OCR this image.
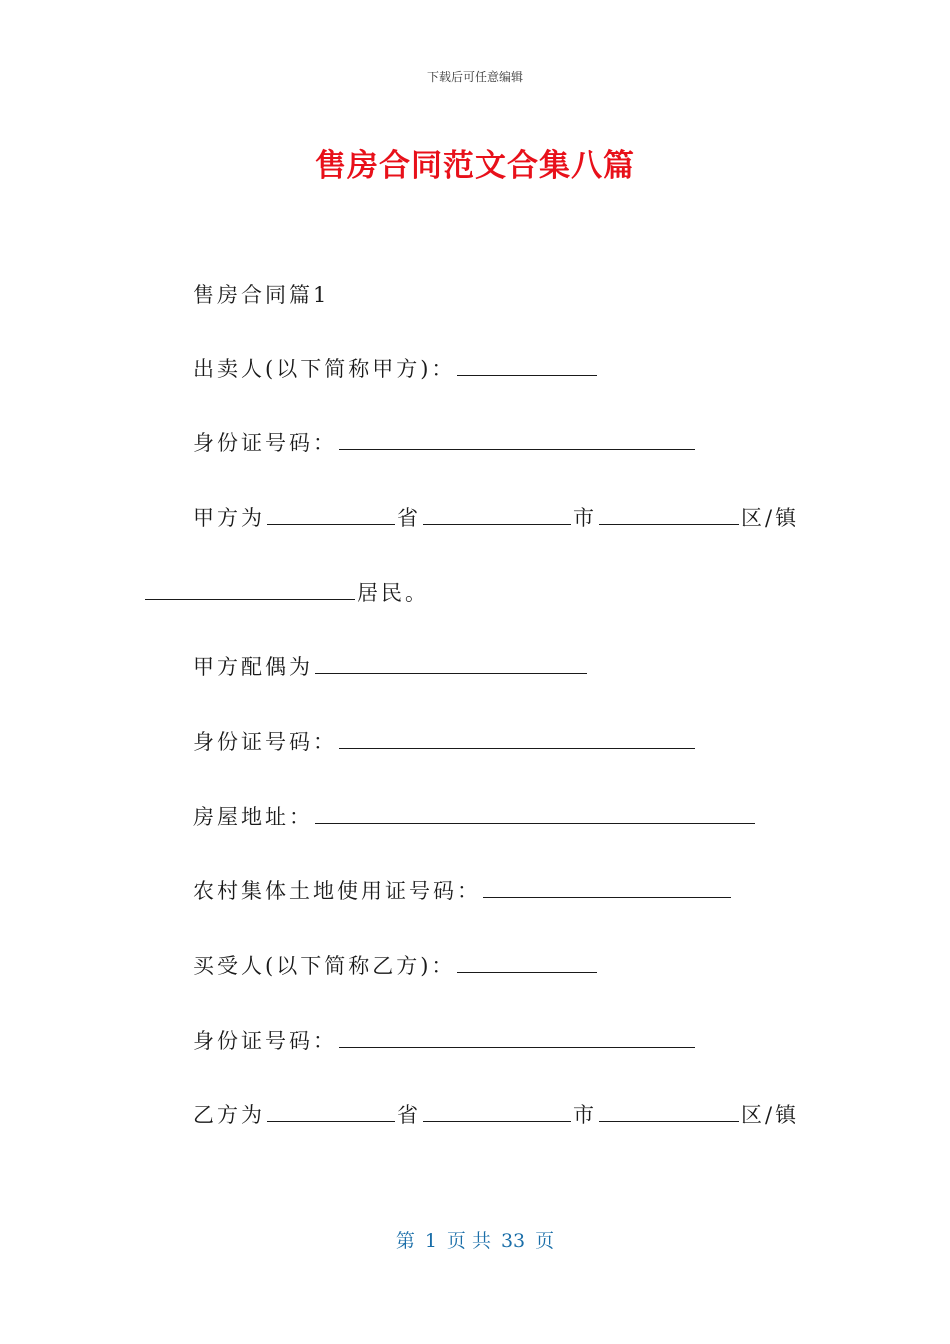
下载后可任意编辑
售房合同范文合集八篇
售房合同篇1
出卖人(以下简称甲方)：
身份证号码：
甲方为	省	市	区/镇
居民。
甲方配偶为
身份证号码：
房屋地址：
农村集体土地使用证号码：
买受人(以下简称乙方)：
身份证号码：
乙方为	省	市	区/镇
第 1 页 共 33 页
